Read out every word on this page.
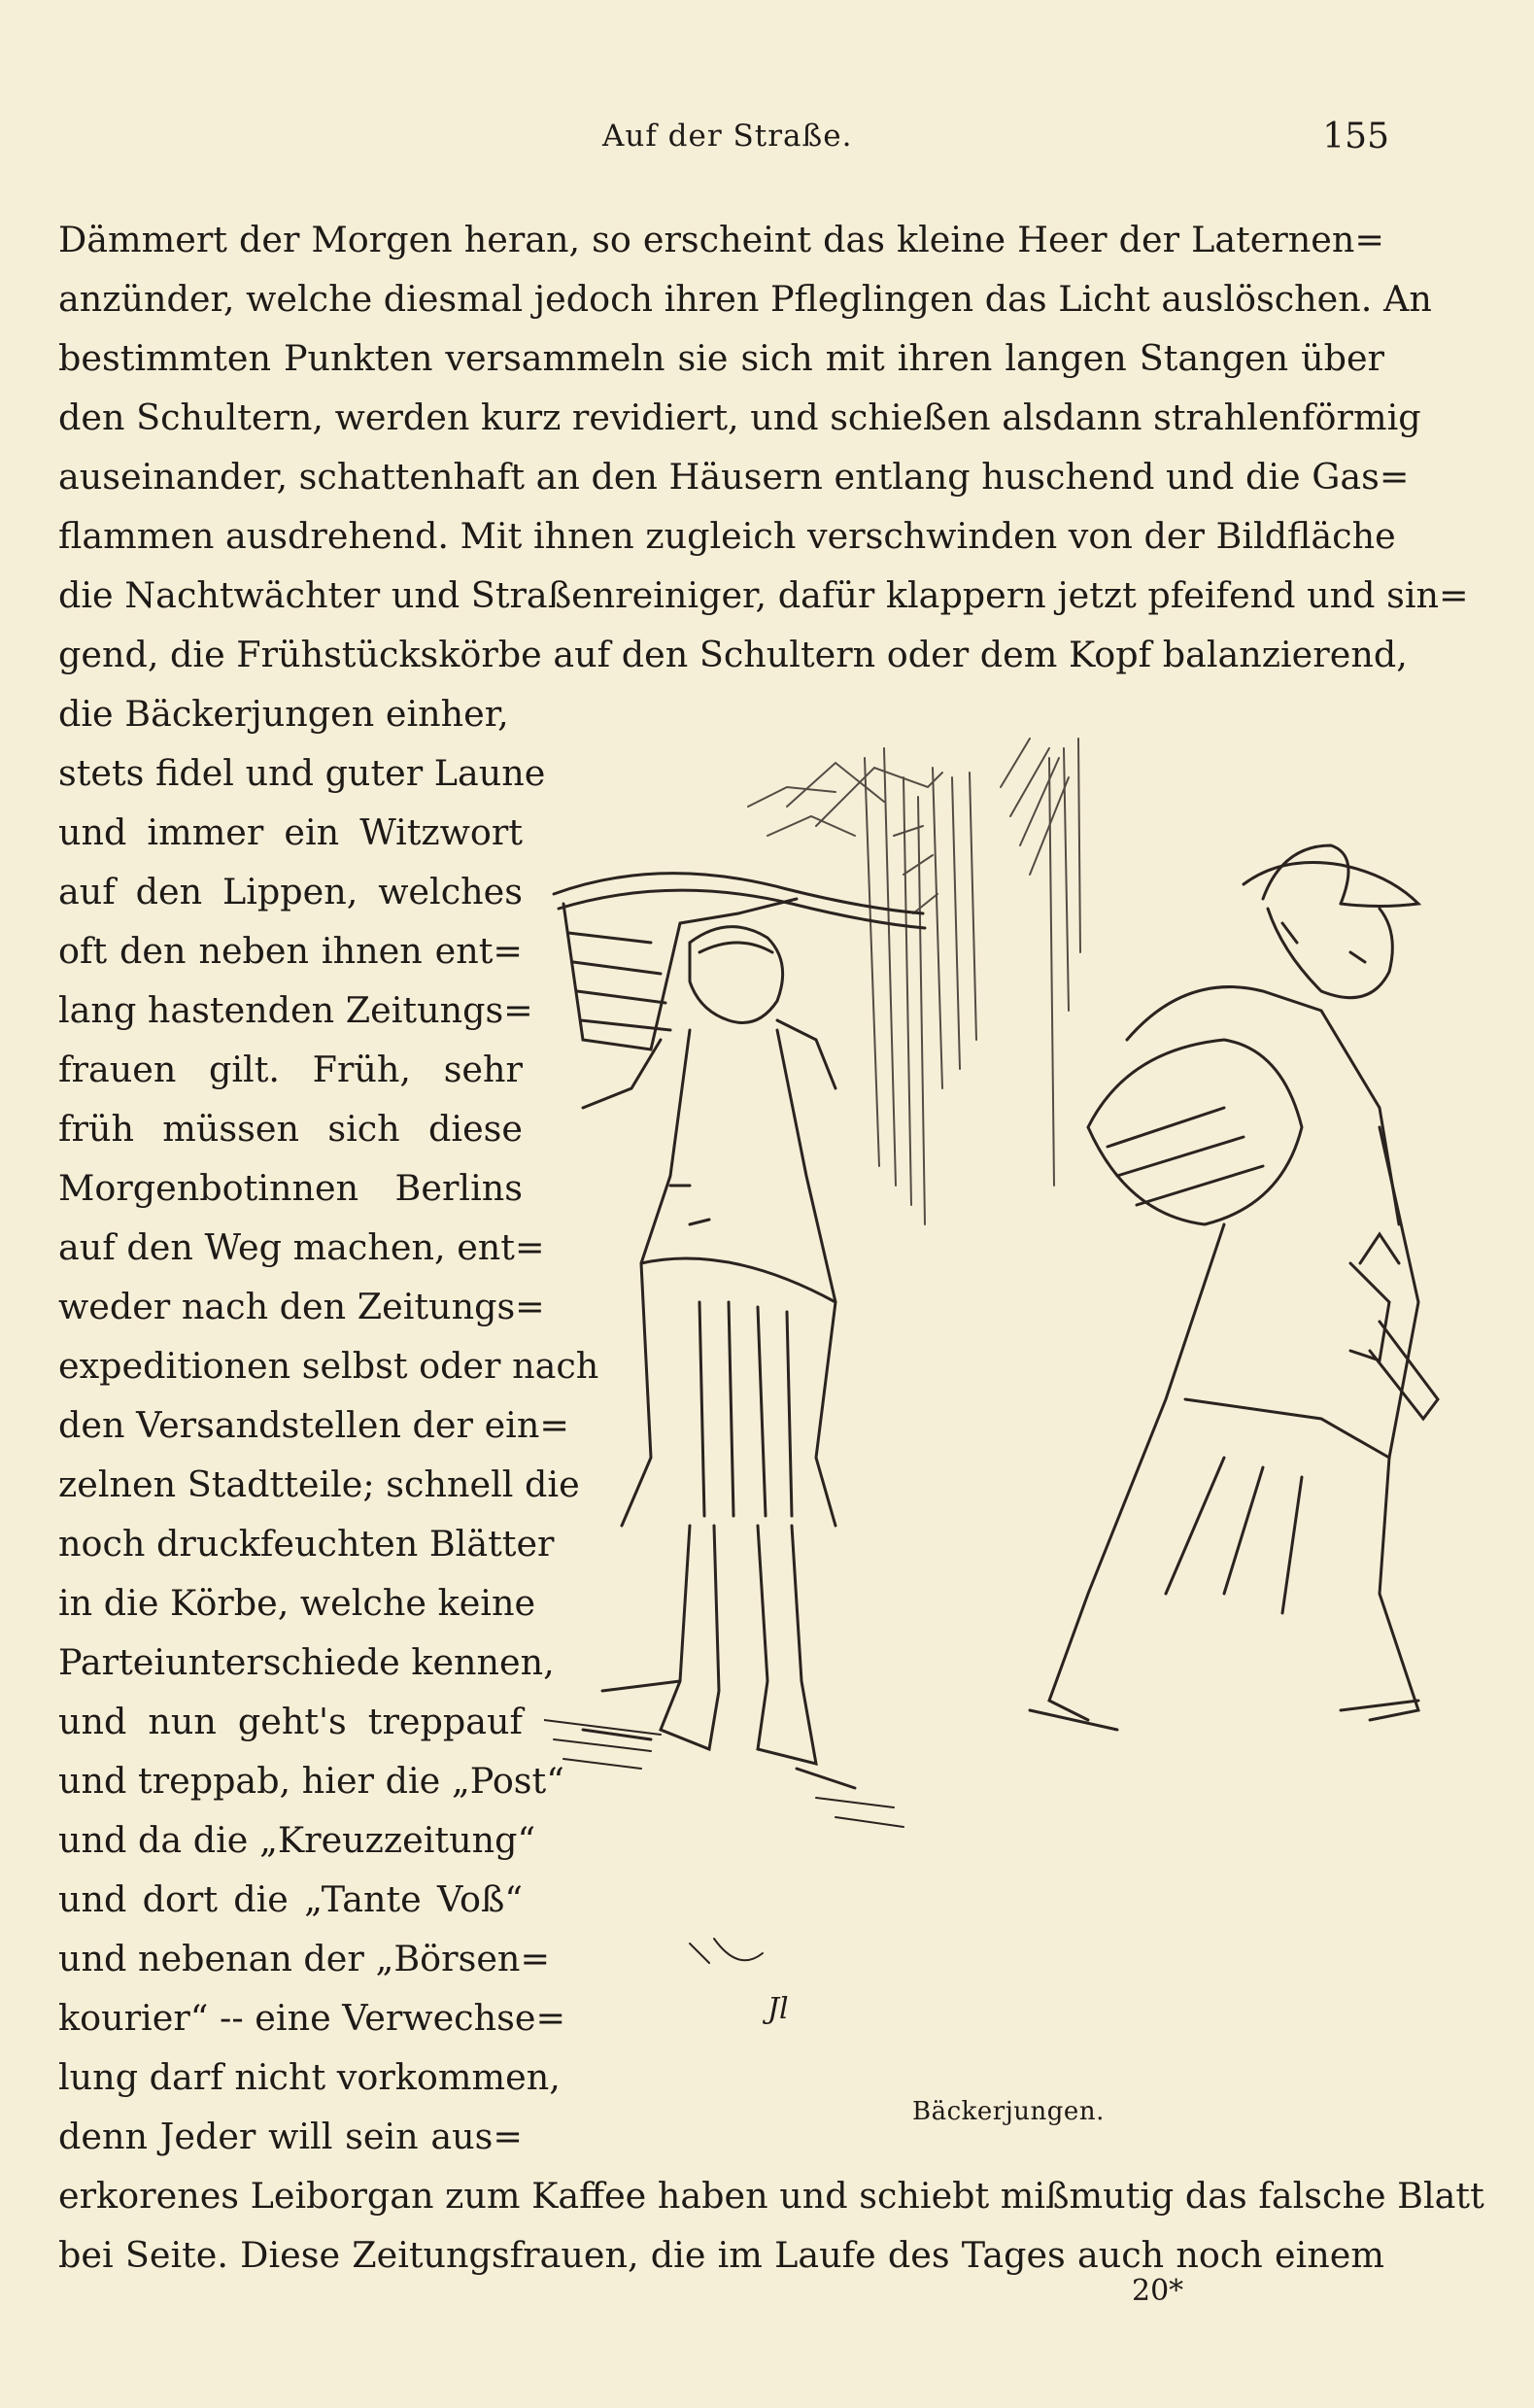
Auf der Straße.	155
Dämmert der Morgen heran, so erscheint das kleine Heer der Laternen=
anzünder, welche diesmal jedoch ihren Pfleglingen das Licht auslöschen. An
bestimmten Punkten versammeln sie sich mit ihren langen Stangen über
den Schultern, werden kurz revidiert, und schießen alsdann strahlenförmig
auseinander, schattenhaft an den Häusern entlang huschend und die Gas=
flammen ausdrehend. Mit ihnen zugleich verschwinden von der Bildfläche
die Nachtwächter und Straßenreiniger, dafür klappern jetzt pfeifend und sin=
gend, die Frühstückskörbe auf den Schultern oder dem Kopf balanzierend,
die Bäckerjungen einher,
stets fidel und guter Laune
und immer ein Witzwort
auf den Lippen, welches
oft den neben ihnen ent=
lang hastenden Zeitungs=
frauen gilt. Früh, sehr
früh müssen sich diese
Morgenbotinnen Berlins
auf den Weg machen, ent=
weder nach den Zeitungs=
expeditionen selbst oder nach
den Versandstellen der ein=
zelnen Stadtteile; schnell die
noch druckfeuchten Blätter
in die Körbe, welche keine
Parteiunterschiede kennen,
und nun geht's treppauf
und treppab, hier die „Post“
und da die „Kreuzzeitung“
und dort die „Tante Voß“
und nebenan der „Börsen=
kourier“ -- eine Verwechse=
lung darf nicht vorkommen,
denn Jeder will sein aus=
erkorenes Leiborgan zum Kaffee haben und schiebt mißmutig das falsche Blatt
bei Seite. Diese Zeitungsfrauen, die im Laufe des Tages auch noch einem
Jl
Bäckerjungen.
20*
